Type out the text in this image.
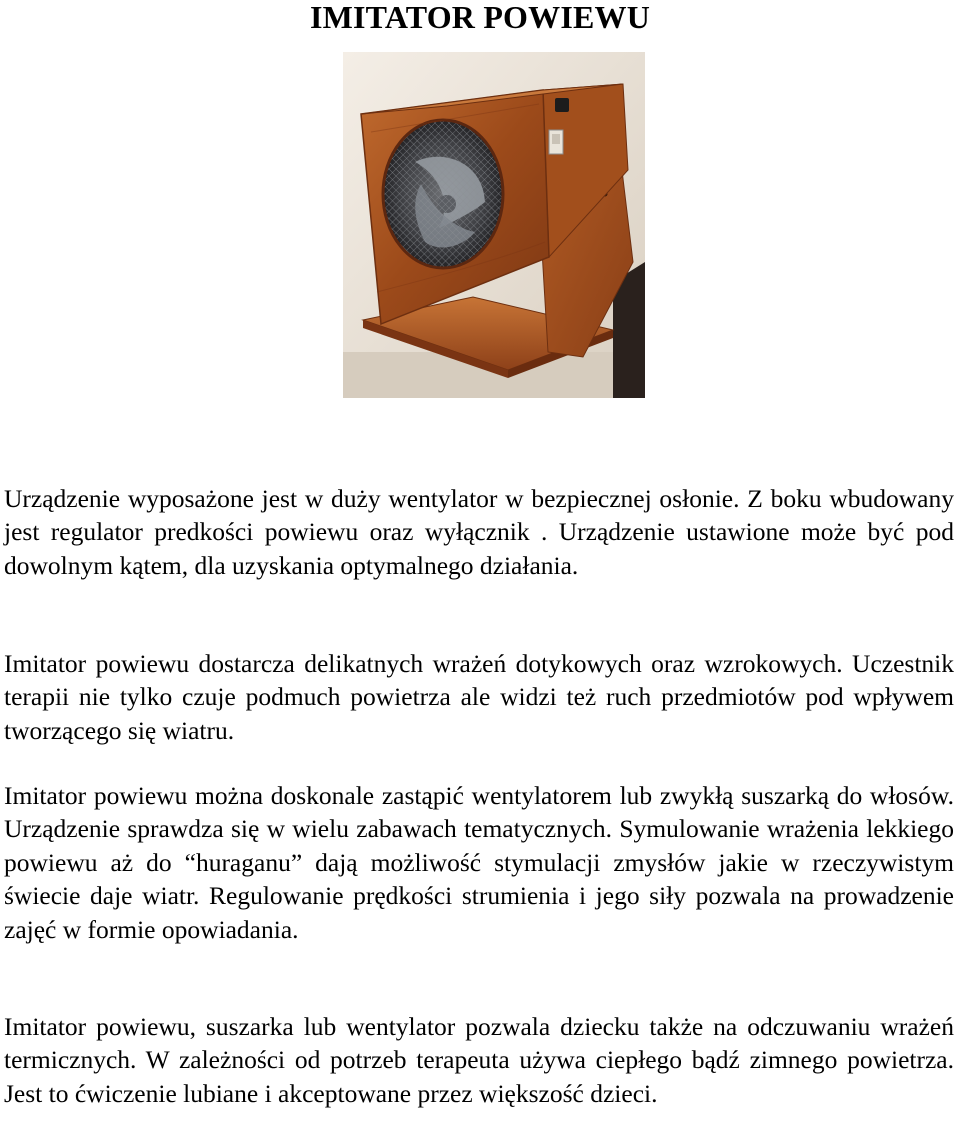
IMITATOR POWIEWU

Urządzenie wyposażone jest w duży wentylator w bezpiecznej osłonie. Z boku wbudowany jest regulator predkości powiewu oraz wyłącznik . Urządzenie ustawione może być pod dowolnym kątem, dla uzyskania optymalnego działania.

Imitator powiewu dostarcza delikatnych wrażeń dotykowych oraz wzrokowych. Uczestnik terapii nie tylko czuje podmuch powietrza ale widzi też ruch przedmiotów pod wpływem tworzącego się wiatru.

Imitator powiewu można doskonale zastąpić wentylatorem lub zwykłą suszarką do włosów. Urządzenie sprawdza się w wielu zabawach tematycznych. Symulowanie wrażenia lekkiego powiewu aż do “huraganu” dają możliwość stymulacji zmysłów jakie w rzeczywistym świecie daje wiatr. Regulowanie prędkości strumienia i jego siły pozwala na prowadzenie zajęć w formie opowiadania.

Imitator powiewu, suszarka lub wentylator pozwala dziecku także na odczuwaniu wrażeń termicznych. W zależności od potrzeb terapeuta używa ciepłego bądź zimnego powietrza. Jest to ćwiczenie lubiane i akceptowane przez większość dzieci.
